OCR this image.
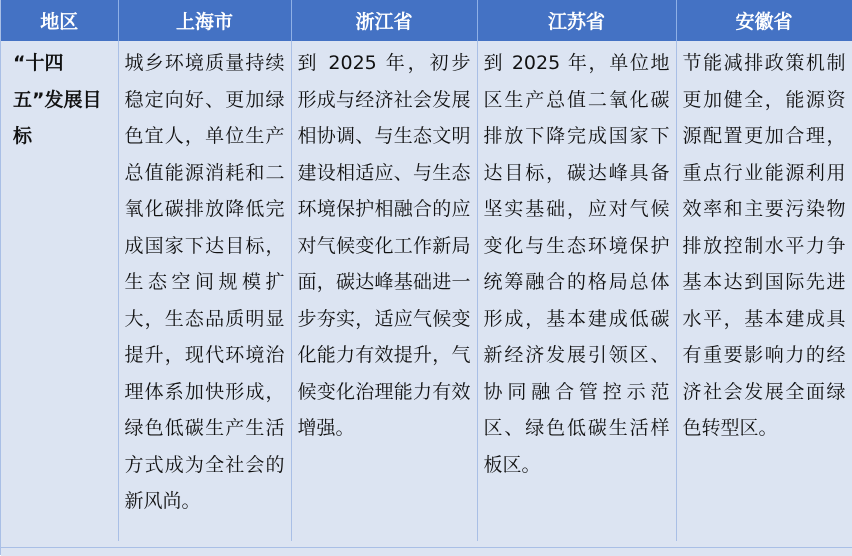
地区	上海市	浙江省	江苏省	安徽省
“十四五”发展目标	城乡环境质量持续稳定向好、更加绿色宜人，单位生产总值能源消耗和二氧化碳排放降低完成国家下达目标，生态空间规模扩大，生态品质明显提升，现代环境治理体系加快形成，绿色低碳生产生活方式成为全社会的新风尚。	到 2025 年，初步形成与经济社会发展相协调、与生态文明建设相适应、与生态环境保护相融合的应对气候变化工作新局面，碳达峰基础进一步夯实，适应气候变化能力有效提升，气候变化治理能力有效增强。	到 2025 年，单位地区生产总值二氧化碳排放下降完成国家下达目标，碳达峰具备坚实基础，应对气候变化与生态环境保护统筹融合的格局总体形成，基本建成低碳新经济发展引领区、协同融合管控示范区、绿色低碳生活样板区。	节能减排政策机制更加健全，能源资源配置更加合理，重点行业能源利用效率和主要污染物排放控制水平力争基本达到国际先进水平，基本建成具有重要影响力的经济社会发展全面绿色转型区。
